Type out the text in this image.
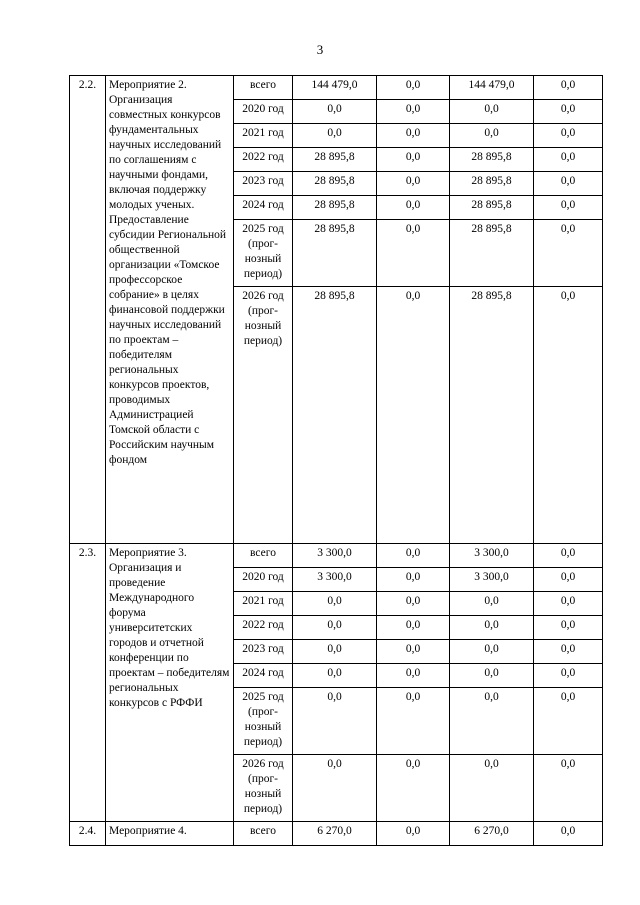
3
2.2.	Мероприятие 2. Организация совместных конкурсов фундаментальных научных исследований по соглашениям с научными фондами, включая поддержку молодых ученых. Предоставление субсидии Региональной общественной организации «Томское профессорское собрание» в целях финансовой поддержки научных исследований по проектам – победителям региональных конкурсов проектов, проводимых Администрацией Томской области с Российским научным фондом	всего	144 479,0	0,0	144 479,0	0,0
		2020 год	0,0	0,0	0,0	0,0
		2021 год	0,0	0,0	0,0	0,0
		2022 год	28 895,8	0,0	28 895,8	0,0
		2023 год	28 895,8	0,0	28 895,8	0,0
		2024 год	28 895,8	0,0	28 895,8	0,0
		2025 год
(прог-
нозный
период)	28 895,8	0,0	28 895,8	0,0
		2026 год
(прог-
нозный
период)	28 895,8	0,0	28 895,8	0,0
2.3.	Мероприятие 3. Организация и проведение Международного форума университетских городов и отчетной конференции по проектам – победителям региональных конкурсов с РФФИ	всего	3 300,0	0,0	3 300,0	0,0
		2020 год	3 300,0	0,0	3 300,0	0,0
		2021 год	0,0	0,0	0,0	0,0
		2022 год	0,0	0,0	0,0	0,0
		2023 год	0,0	0,0	0,0	0,0
		2024 год	0,0	0,0	0,0	0,0
		2025 год
(прог-
нозный
период)	0,0	0,0	0,0	0,0
		2026 год
(прог-
нозный
период)	0,0	0,0	0,0	0,0
2.4.	Мероприятие 4.	всего	6 270,0	0,0	6 270,0	0,0
